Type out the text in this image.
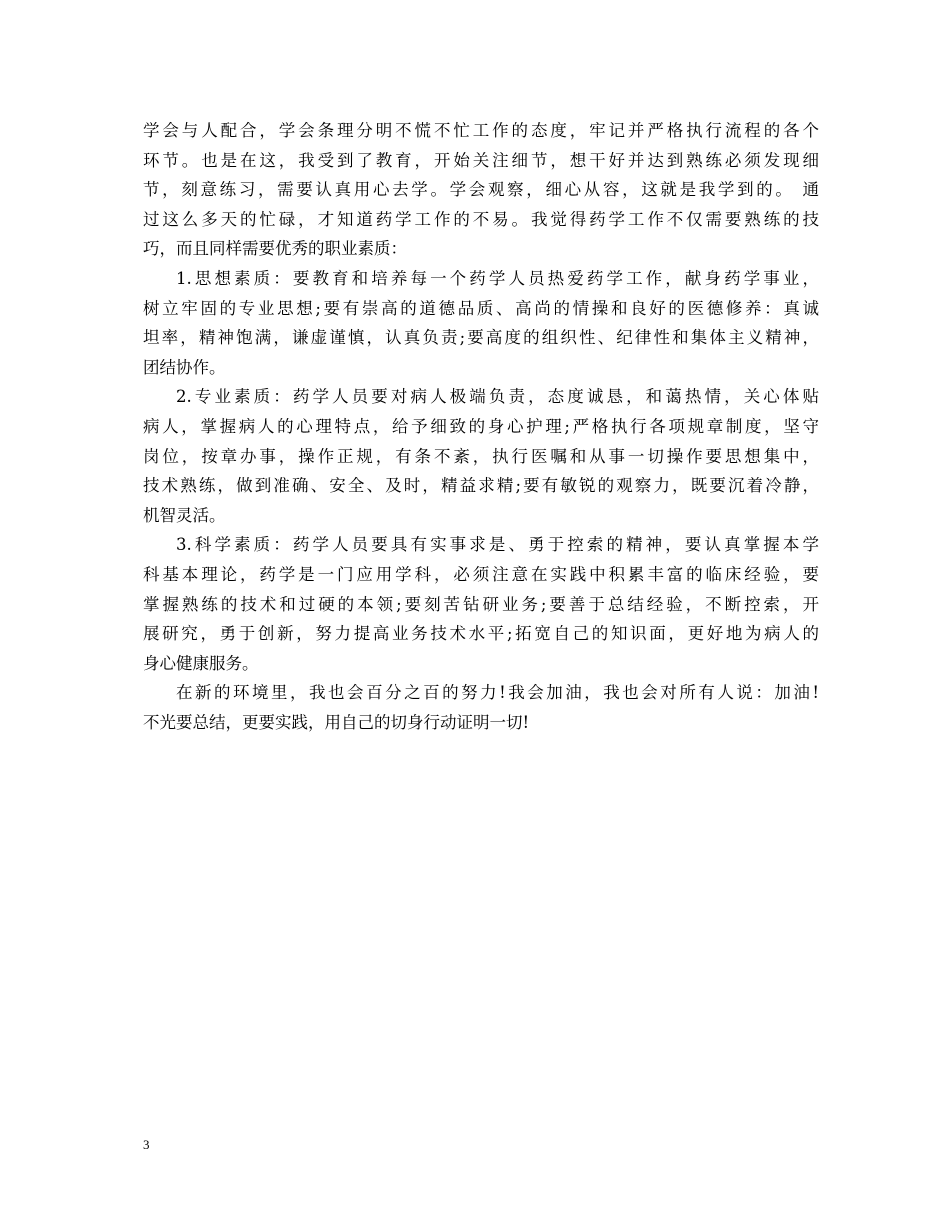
学会与人配合，学会条理分明不慌不忙工作的态度，牢记并严格执行流程的各个
环节。也是在这，我受到了教育，开始关注细节，想干好并达到熟练必须发现细
节，刻意练习，需要认真用心去学。学会观察，细心从容，这就是我学到的。 通
过这么多天的忙碌，才知道药学工作的不易。我觉得药学工作不仅需要熟练的技
巧，而且同样需要优秀的职业素质：

1.思想素质：要教育和培养每一个药学人员热爱药学工作，献身药学事业，
树立牢固的专业思想;要有崇高的道德品质、高尚的情操和良好的医德修养：真诚
坦率，精神饱满，谦虚谨慎，认真负责;要高度的组织性、纪律性和集体主义精神，
团结协作。

2.专业素质：药学人员要对病人极端负责，态度诚恳，和蔼热情，关心体贴
病人，掌握病人的心理特点，给予细致的身心护理;严格执行各项规章制度，坚守
岗位，按章办事，操作正规，有条不紊，执行医嘱和从事一切操作要思想集中，
技术熟练，做到准确、安全、及时，精益求精;要有敏锐的观察力，既要沉着冷静，
机智灵活。

3.科学素质：药学人员要具有实事求是、勇于控索的精神，要认真掌握本学
科基本理论，药学是一门应用学科，必须注意在实践中积累丰富的临床经验，要
掌握熟练的技术和过硬的本领;要刻苦钻研业务;要善于总结经验，不断控索，开
展研究，勇于创新，努力提高业务技术水平;拓宽自己的知识面，更好地为病人的
身心健康服务。

在新的环境里，我也会百分之百的努力!我会加油，我也会对所有人说：加油!
不光要总结，更要实践，用自己的切身行动证明一切!

3
